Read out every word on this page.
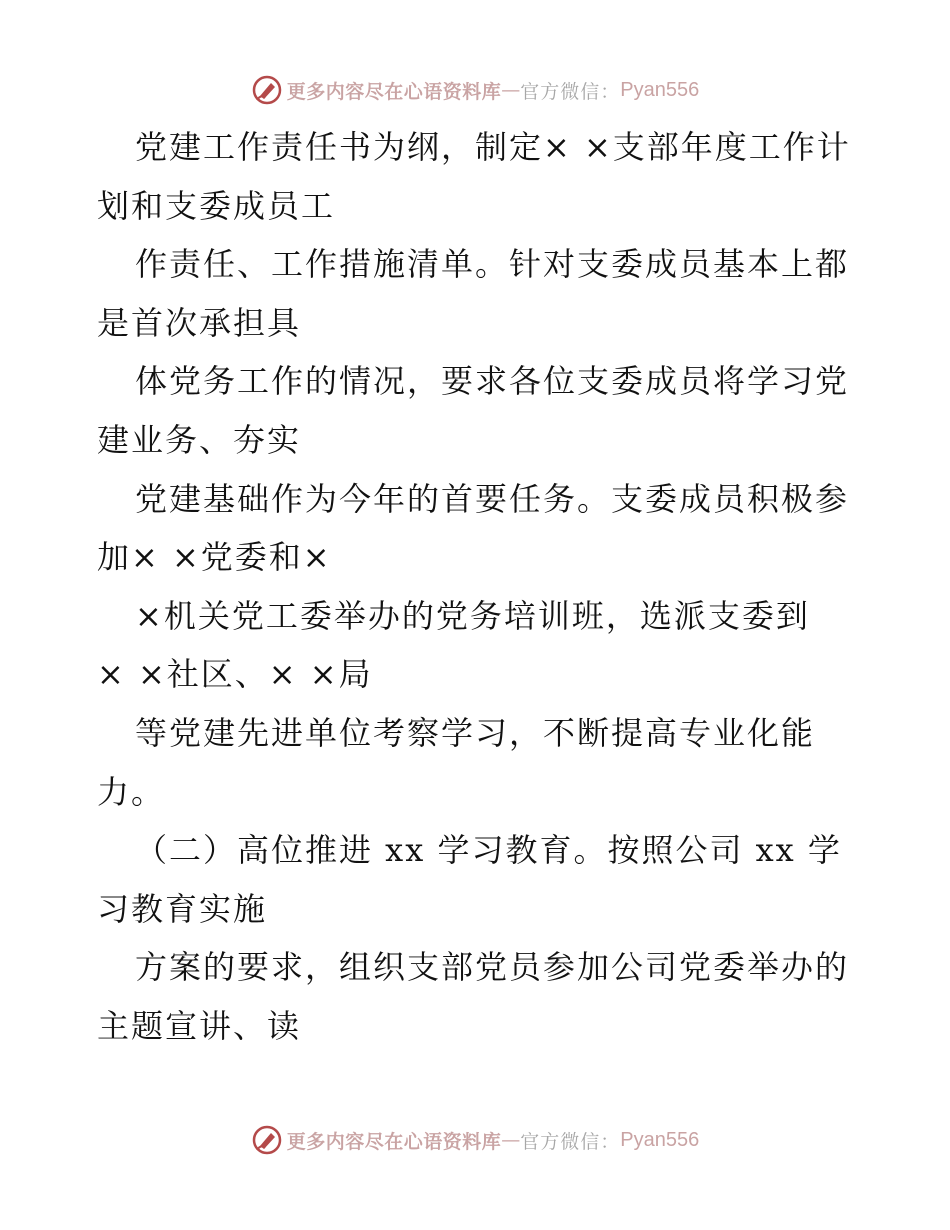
更多内容尽在心语资料库 — 官方微信： Pyan556
党建工作责任书为纲，制定× ×支部年度工作计
划和支委成员工
作责任、工作措施清单。针对支委成员基本上都
是首次承担具
体党务工作的情况，要求各位支委成员将学习党
建业务、夯实
党建基础作为今年的首要任务。支委成员积极参
加× ×党委和×
×机关党工委举办的党务培训班，选派支委到
× ×社区、× ×局
等党建先进单位考察学习，不断提高专业化能
力。
（二）高位推进 xx 学习教育。按照公司 xx 学
习教育实施
方案的要求，组织支部党员参加公司党委举办的
主题宣讲、读
更多内容尽在心语资料库 — 官方微信： Pyan556
